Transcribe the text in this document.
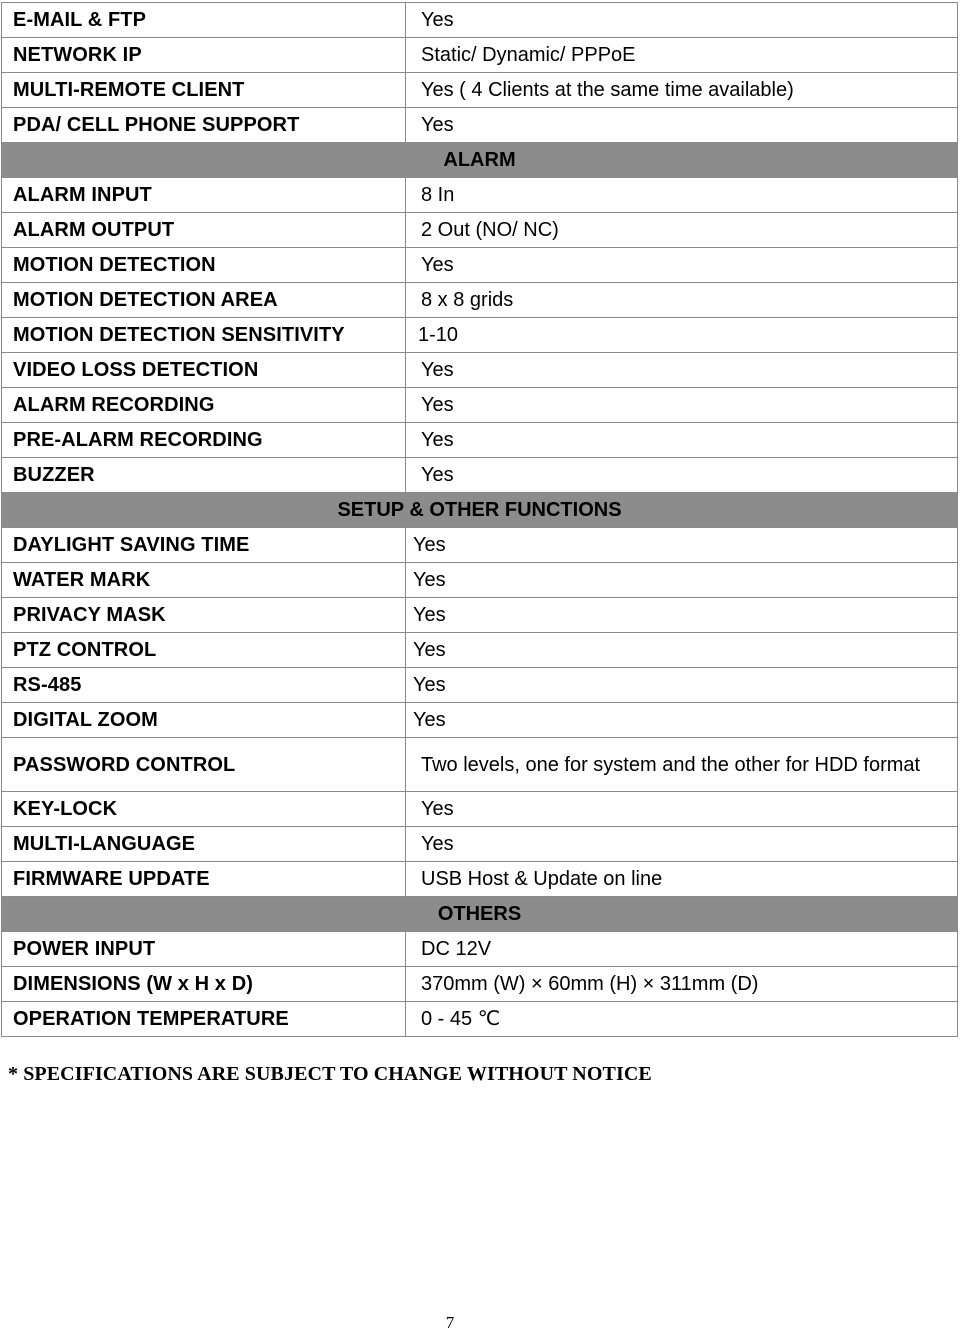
E-MAIL & FTP	Yes
NETWORK IP	Static/ Dynamic/ PPPoE
MULTI-REMOTE CLIENT	Yes ( 4 Clients at the same time available)
PDA/ CELL PHONE SUPPORT	Yes
ALARM	
ALARM INPUT	8 In
ALARM OUTPUT	2 Out (NO/ NC)
MOTION DETECTION	Yes
MOTION DETECTION AREA	8 x 8 grids
MOTION DETECTION SENSITIVITY	1-10
VIDEO LOSS DETECTION	Yes
ALARM RECORDING	Yes
PRE-ALARM RECORDING	Yes
BUZZER	Yes
SETUP & OTHER FUNCTIONS	
DAYLIGHT SAVING TIME	Yes
WATER MARK	Yes
PRIVACY MASK	Yes
PTZ CONTROL	Yes
RS-485	Yes
DIGITAL ZOOM	Yes
PASSWORD CONTROL	Two levels, one for system and the other for HDD format
KEY-LOCK	Yes
MULTI-LANGUAGE	Yes
FIRMWARE UPDATE	USB Host & Update on line
OTHERS	
POWER INPUT	DC 12V
DIMENSIONS (W x H x D)	370mm (W) × 60mm (H) × 311mm (D)
OPERATION TEMPERATURE	0 - 45 ℃
* SPECIFICATIONS ARE SUBJECT TO CHANGE WITHOUT NOTICE
7
